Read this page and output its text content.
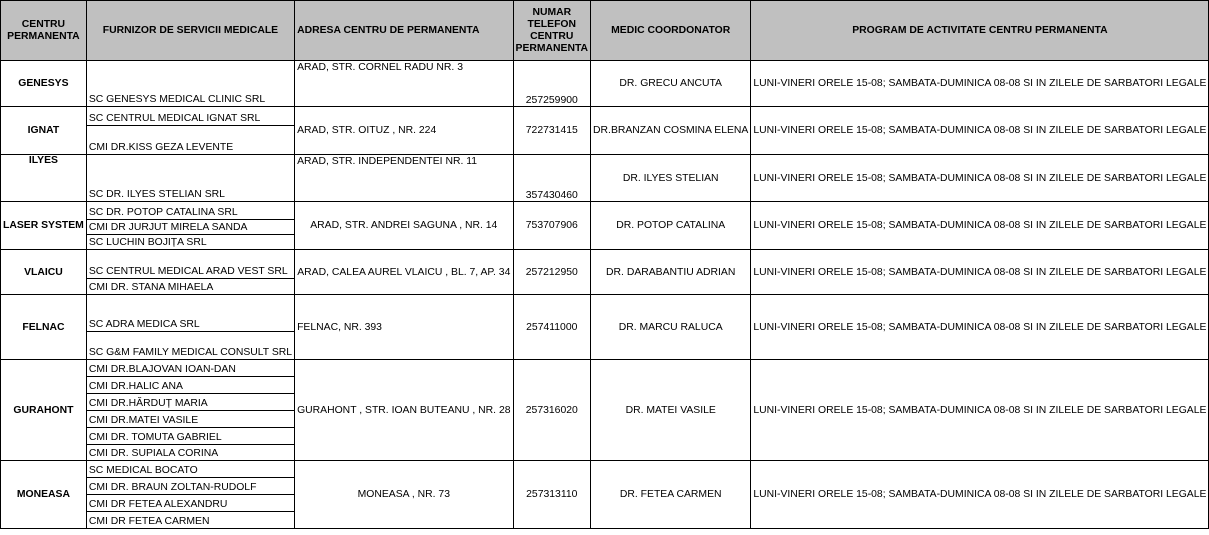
CENTRU PERMANENTA	FURNIZOR DE SERVICII MEDICALE	ADRESA CENTRU DE PERMANENTA	NUMAR TELEFON CENTRU PERMANENTA	MEDIC COORDONATOR	PROGRAM DE ACTIVITATE CENTRU PERMANENTA
GENESYS	SC GENESYS MEDICAL CLINIC SRL	ARAD, STR. CORNEL RADU NR. 3	257259900	DR. GRECU ANCUTA	LUNI-VINERI ORELE 15-08; SAMBATA-DUMINICA 08-08 SI IN ZILELE DE SARBATORI LEGALE
IGNAT	SC CENTRUL MEDICAL IGNAT SRL	ARAD, STR. OITUZ , NR. 224	722731415	DR.BRANZAN COSMINA ELENA	LUNI-VINERI ORELE 15-08; SAMBATA-DUMINICA 08-08 SI IN ZILELE DE SARBATORI LEGALE
	CMI DR.KISS GEZA LEVENTE				
ILYES	SC DR. ILYES STELIAN SRL	ARAD, STR. INDEPENDENTEI NR. 11	357430460	DR. ILYES STELIAN	LUNI-VINERI ORELE 15-08; SAMBATA-DUMINICA 08-08 SI IN ZILELE DE SARBATORI LEGALE
LASER SYSTEM	SC DR. POTOP CATALINA SRL	ARAD, STR. ANDREI SAGUNA , NR. 14	753707906	DR. POTOP CATALINA	LUNI-VINERI ORELE 15-08; SAMBATA-DUMINICA 08-08 SI IN ZILELE DE SARBATORI LEGALE
	CMI DR JURJUT MIRELA SANDA				
	SC LUCHIN BOJIȚA SRL				
VLAICU	SC CENTRUL MEDICAL ARAD VEST SRL	ARAD, CALEA AUREL VLAICU , BL. 7, AP. 34	257212950	DR. DARABANTIU ADRIAN	LUNI-VINERI ORELE 15-08; SAMBATA-DUMINICA 08-08 SI IN ZILELE DE SARBATORI LEGALE
	CMI DR. STANA MIHAELA				
FELNAC	SC ADRA MEDICA SRL	FELNAC, NR. 393	257411000	DR. MARCU RALUCA	LUNI-VINERI ORELE 15-08; SAMBATA-DUMINICA 08-08 SI IN ZILELE DE SARBATORI LEGALE
	SC G&M FAMILY MEDICAL CONSULT SRL				
GURAHONT	CMI DR.BLAJOVAN IOAN-DAN	GURAHONT , STR. IOAN BUTEANU , NR. 28	257316020	DR. MATEI VASILE	LUNI-VINERI ORELE 15-08; SAMBATA-DUMINICA 08-08 SI IN ZILELE DE SARBATORI LEGALE
	CMI DR.HALIC ANA				
	CMI DR.HĂRDUȚ MARIA				
	CMI DR.MATEI VASILE				
	CMI DR. TOMUTA GABRIEL				
	CMI DR. SUPIALA CORINA				
MONEASA	SC MEDICAL BOCATO	MONEASA , NR. 73	257313110	DR. FETEA CARMEN	LUNI-VINERI ORELE 15-08; SAMBATA-DUMINICA 08-08 SI IN ZILELE DE SARBATORI LEGALE
	CMI DR. BRAUN ZOLTAN-RUDOLF				
	CMI DR FETEA ALEXANDRU				
	CMI DR FETEA CARMEN				
